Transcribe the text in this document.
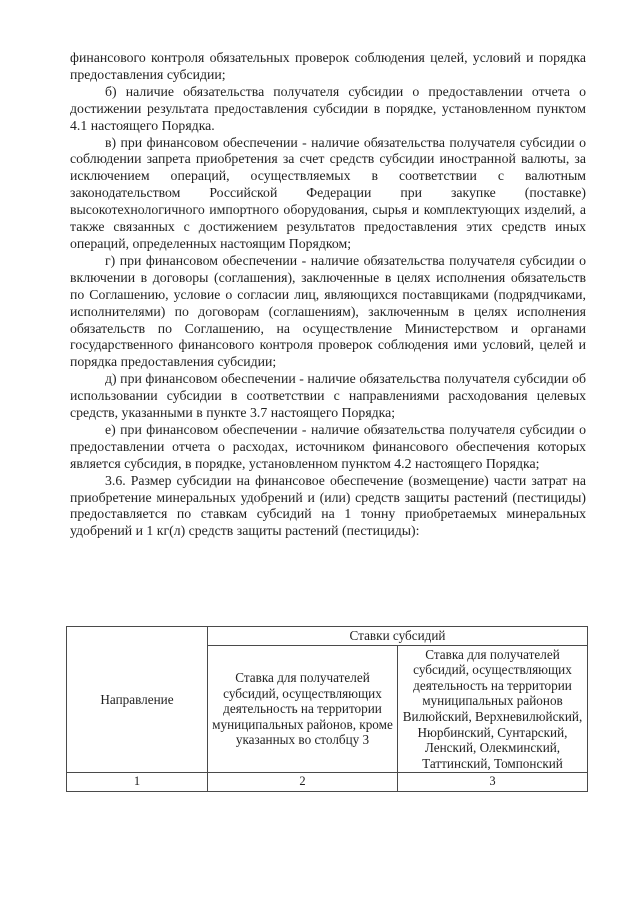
финансового контроля обязательных проверок соблюдения целей, условий и порядка предоставления субсидии;

б) наличие обязательства получателя субсидии о предоставлении отчета о достижении результата предоставления субсидии в порядке, установленном пунктом 4.1 настоящего Порядка.

в) при финансовом обеспечении - наличие обязательства получателя субсидии о соблюдении запрета приобретения за счет средств субсидии иностранной валюты, за исключением операций, осуществляемых в соответствии с валютным законодательством Российской Федерации при закупке (поставке) высокотехнологичного импортного оборудования, сырья и комплектующих изделий, а также связанных с достижением результатов предоставления этих средств иных операций, определенных настоящим Порядком;

г) при финансовом обеспечении - наличие обязательства получателя субсидии о включении в договоры (соглашения), заключенные в целях исполнения обязательств по Соглашению, условие о согласии лиц, являющихся поставщиками (подрядчиками, исполнителями) по договорам (соглашениям), заключенным в целях исполнения обязательств по Соглашению, на осуществление Министерством и органами государственного финансового контроля проверок соблюдения ими условий, целей и порядка предоставления субсидии;

д) при финансовом обеспечении - наличие обязательства получателя субсидии об использовании субсидии в соответствии с направлениями расходования целевых средств, указанными в пункте 3.7 настоящего Порядка;

е) при финансовом обеспечении - наличие обязательства получателя субсидии о предоставлении отчета о расходах, источником финансового обеспечения которых является субсидия, в порядке, установленном пунктом 4.2 настоящего Порядка;

3.6. Размер субсидии на финансовое обеспечение (возмещение) части затрат на приобретение минеральных удобрений и (или) средств защиты растений (пестициды) предоставляется по ставкам субсидий на 1 тонну приобретаемых минеральных удобрений и 1 кг(л) средств защиты растений (пестициды):

Направление	Ставки субсидий	
	Ставка для получателей субсидий, осуществляющих деятельность на территории муниципальных районов, кроме указанных во столбцу 3	Ставка для получателей субсидий, осуществляющих деятельность на территории муниципальных районов Вилюйский, Верхневилюйский, Нюрбинский, Сунтарский, Ленский, Олекминский, Таттинский, Томпонский
1	2	3
